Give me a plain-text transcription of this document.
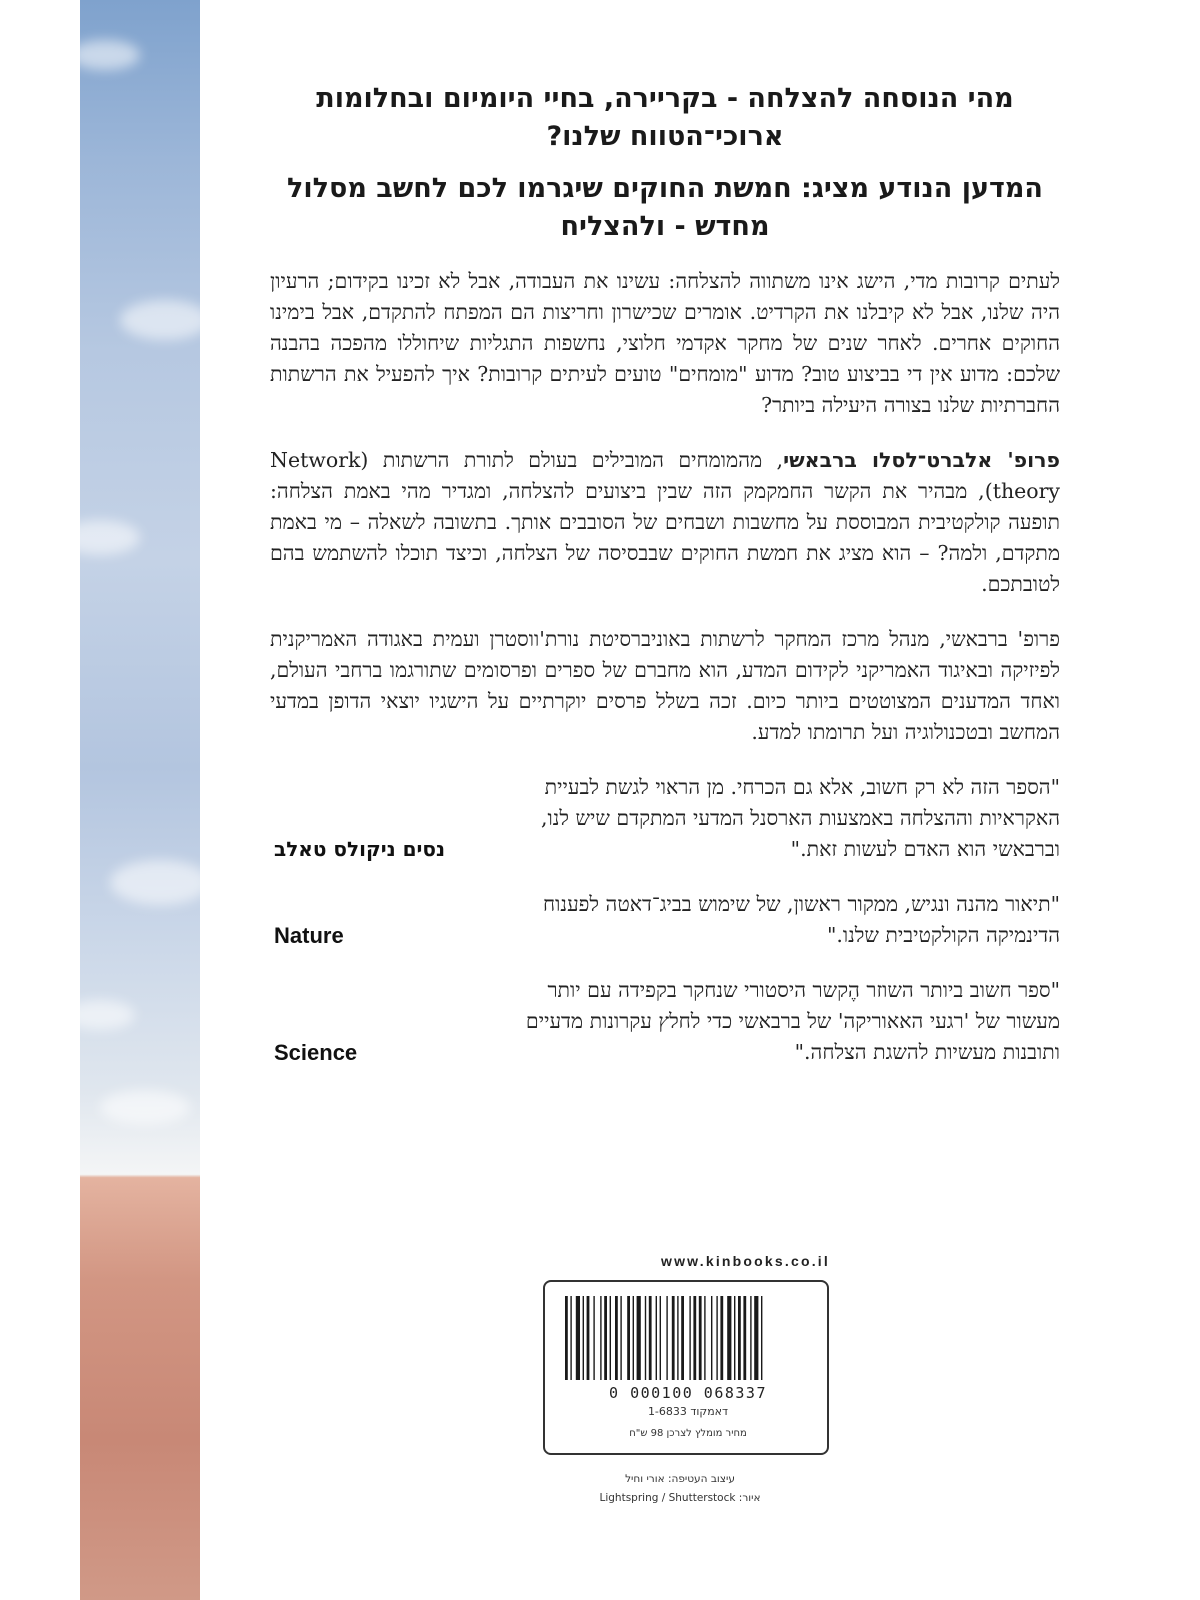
מהי הנוסחה להצלחה - בקריירה, בחיי היומיום ובחלומות ארוכי־הטווח שלנו?
המדען הנודע מציג: חמשת החוקים שיגרמו לכם לחשב מסלול מחדש - ולהצליח

לעתים קרובות מדי, הישג אינו משתווה להצלחה: עשינו את העבודה, אבל לא זכינו בקידום; הרעיון היה שלנו, אבל לא קיבלנו את הקרדיט. אומרים שכישרון וחריצות הם המפתח להתקדם, אבל בימינו החוקים אחרים. לאחר שנים של מחקר אקדמי חלוצי, נחשפות התגליות שיחוללו מהפכה בהבנה שלכם: מדוע אין די בביצוע טוב? מדוע "מומחים" טועים לעיתים קרובות? איך להפעיל את הרשתות החברתיות שלנו בצורה היעילה ביותר?

פרופ' אלברט־לסלו ברבאשי, מהמומחים המובילים בעולם לתורת הרשתות (Network theory), מבהיר את הקשר החמקמק הזה שבין ביצועים להצלחה, ומגדיר מהי באמת הצלחה: תופעה קולקטיבית המבוססת על מחשבות ושבחים של הסובבים אותך. בתשובה לשאלה – מי באמת מתקדם, ולמה? – הוא מציג את חמשת החוקים שבבסיסה של הצלחה, וכיצד תוכלו להשתמש בהם לטובתכם.

פרופ' ברבאשי, מנהל מרכז המחקר לרשתות באוניברסיטת נורת'ווסטרן ועמית באגודה האמריקנית לפיזיקה ובאיגוד האמריקני לקידום המדע, הוא מחברם של ספרים ופרסומים שתורגמו ברחבי העולם, ואחד המדענים המצוטטים ביותר כיום. זכה בשלל פרסים יוקרתיים על הישגיו יוצאי הדופן במדעי המחשב ובטכנולוגיה ועל תרומתו למדע.

"הספר הזה לא רק חשוב, אלא גם הכרחי. מן הראוי לגשת לבעיית
האקראיות וההצלחה באמצעות הארסנל המדעי המתקדם שיש לנו,
וברבאשי הוא האדם לעשות זאת."
נסים ניקולס טאלב
"תיאור מהנה ונגיש, ממקור ראשון, של שימוש בביג־דאטה לפענוח
הדינמיקה הקולקטיבית שלנו."
Nature
"ספר חשוב ביותר השוזר הֶקשר היסטורי שנחקר בקפידה עם יותר
מעשור של 'רגעי האאוריקה' של ברבאשי כדי לחלץ עקרונות מדעיים
ותובנות מעשיות להשגת הצלחה."
Science
www.kinbooks.co.il
0 000100 068337
דאמקוד 1-6833
מחיר מומלץ לצרכן 98 ש"ח
עיצוב העטיפה: אורי וחיל
איור: Lightspring / Shutterstock
